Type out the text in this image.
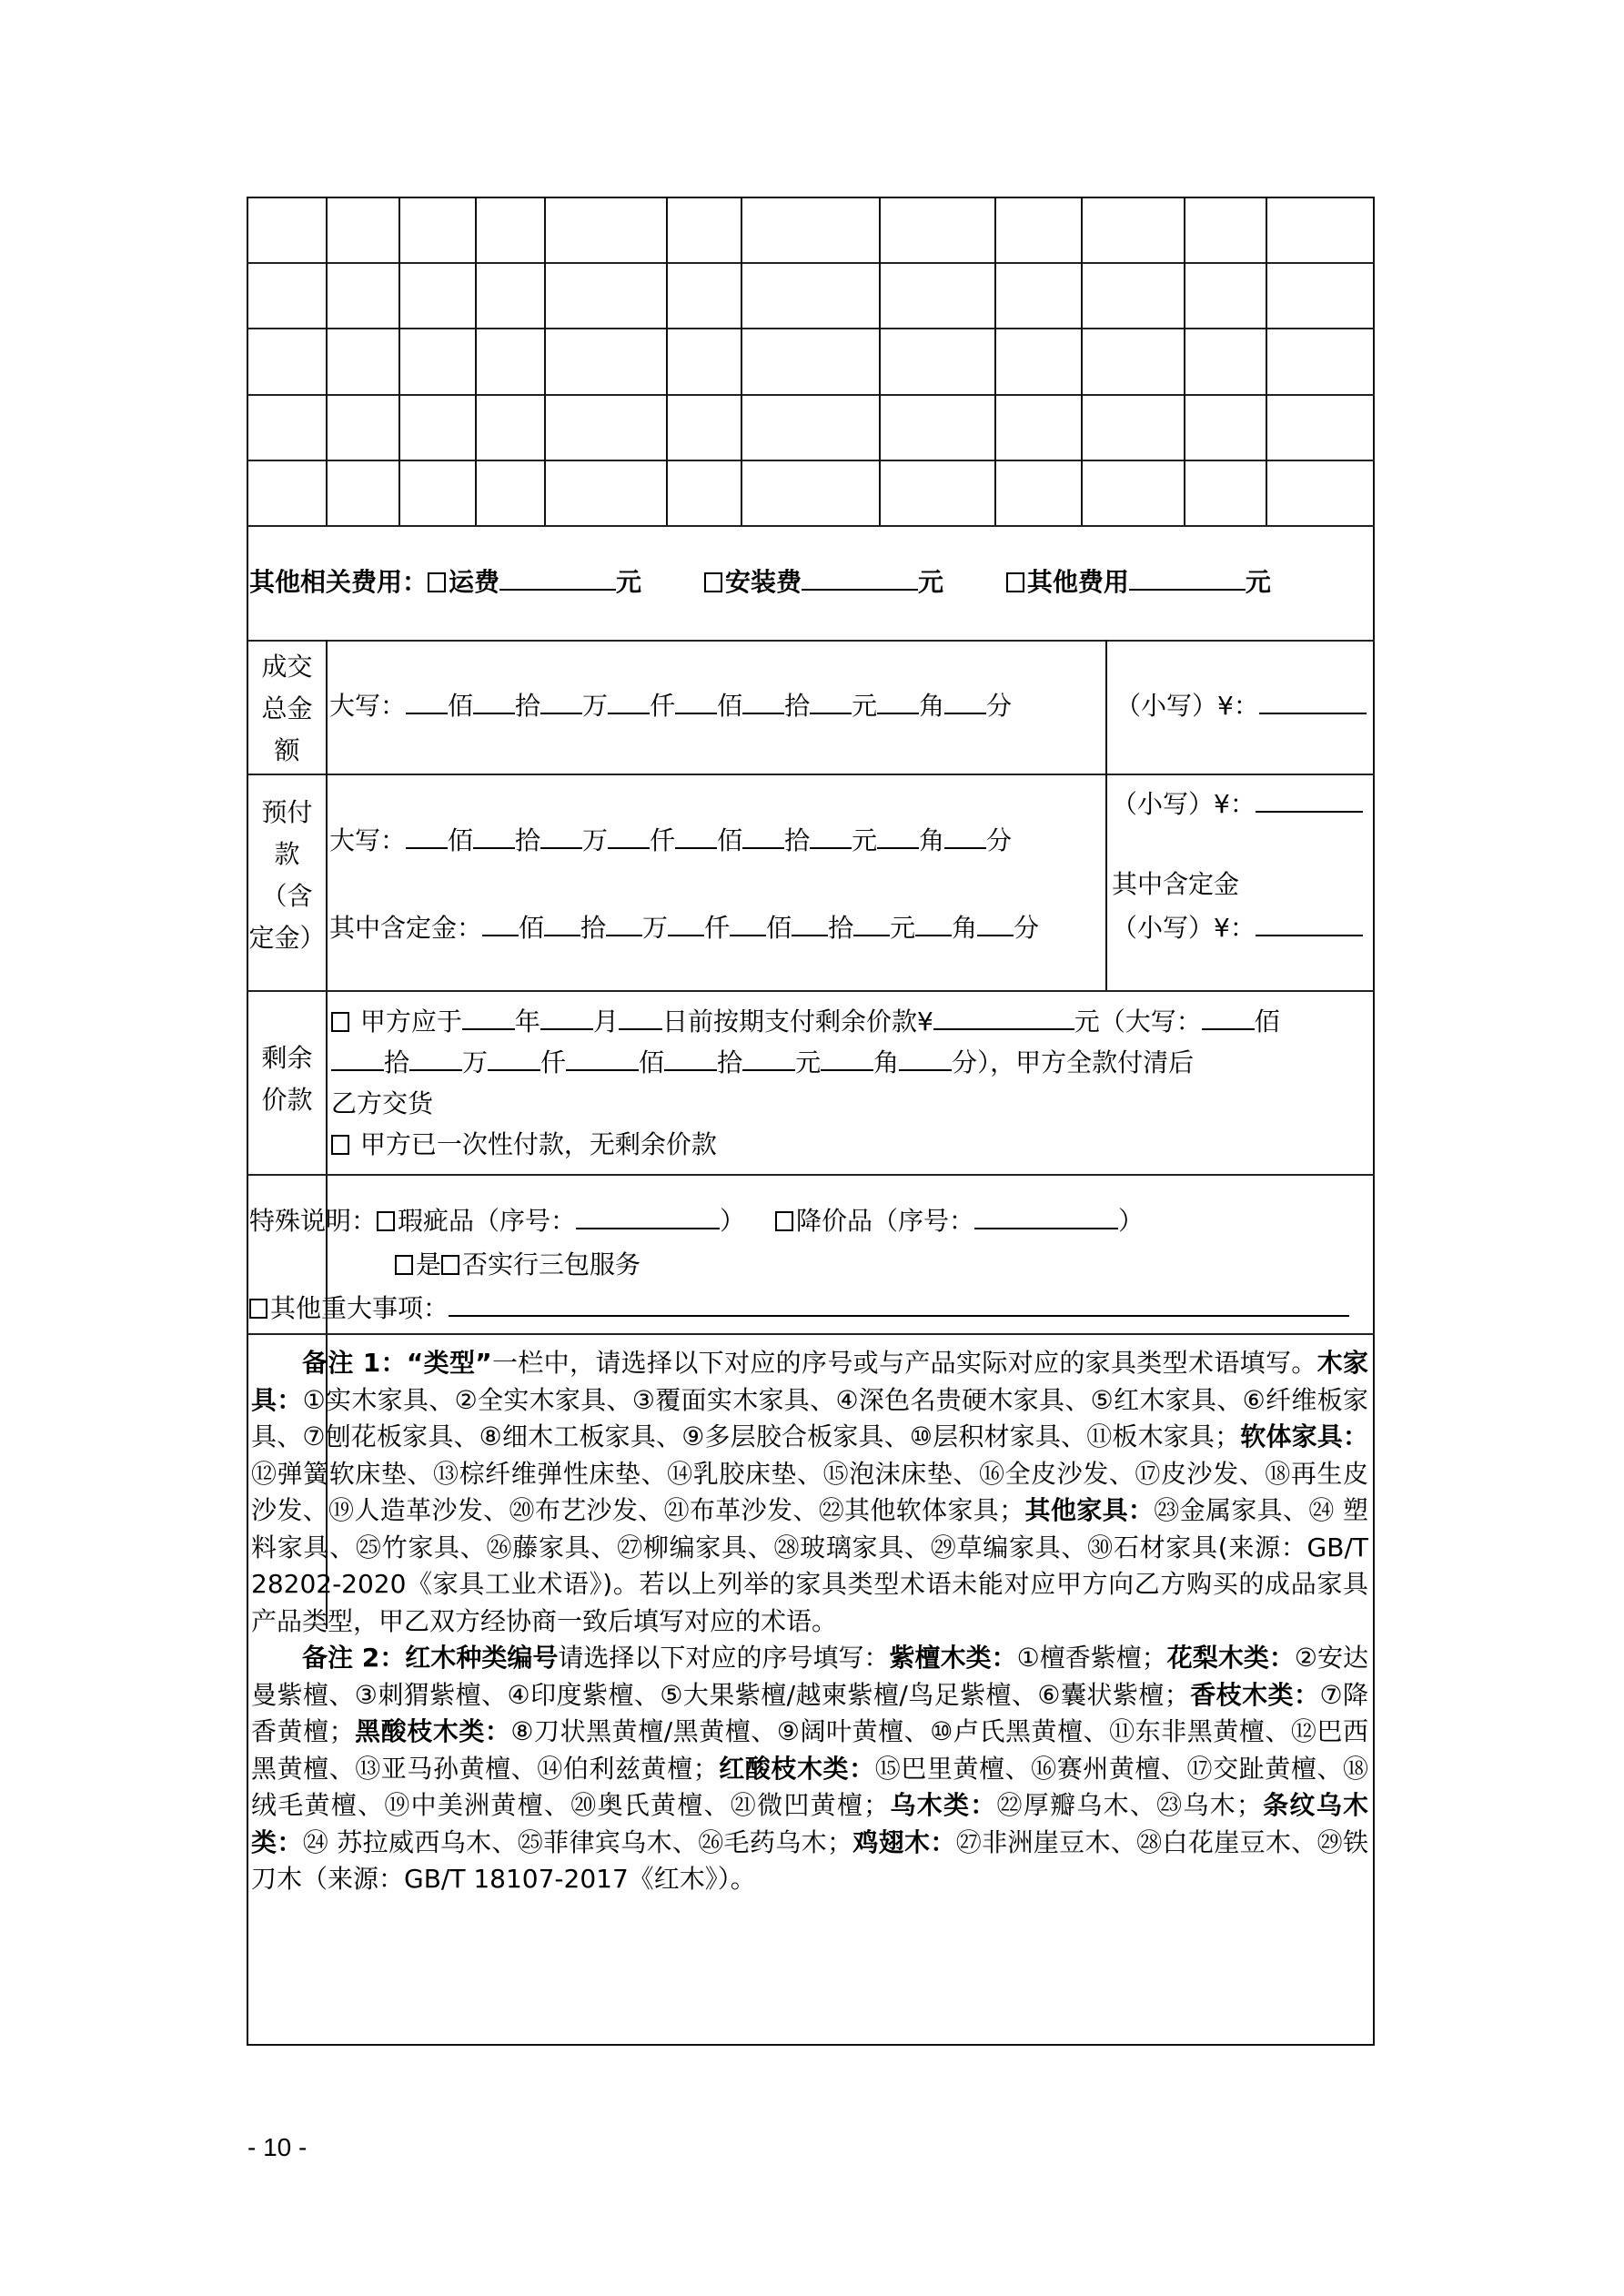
其他相关费用： 运费	元	安装费	元	其他费用	元
成交
总金
额
大写： 佰 拾 万 仟 佰 拾 元 角 分	（小写）¥：
预付
款
（含
定金）
大写： 佰 拾 万 仟 佰 拾 元 角 分
其中含定金： 佰 拾 万 仟 佰 拾 元 角 分
（小写）¥：
其中含定金
（小写）¥：
剩余
价款
甲方应于 年 月 日前按期支付剩余价款¥	元（大写： 佰
拾 万 仟	佰 拾 元 角 分），甲方全款付清后
乙方交货
甲方已一次性付款，无剩余价款
特殊说明： 瑕疵品（序号：	） 降价品（序号：	）
是 否实行三包服务
其他重大事项：

备注 1：“类型”一栏中，请选择以下对应的序号或与产品实际对应的家具类型术语填写。木家具：①实木家具、②全实木家具、③覆面实木家具、④深色名贵硬木家具、⑤红木家具、⑥纤维板家具、⑦刨花板家具、⑧细木工板家具、⑨多层胶合板家具、⑩层积材家具、⑪板木家具；软体家具：⑫弹簧软床垫、⑬棕纤维弹性床垫、⑭乳胶床垫、⑮泡沫床垫、⑯全皮沙发、⑰皮沙发、⑱再生皮沙发、⑲人造革沙发、⑳布艺沙发、㉑布革沙发、㉒其他软体家具；其他家具：㉓金属家具、㉔ 塑料家具、㉕竹家具、㉖藤家具、㉗柳编家具、㉘玻璃家具、㉙草编家具、㉚石材家具(来源：GB/T 28202-2020《家具工业术语》)。若以上列举的家具类型术语未能对应甲方向乙方购买的成品家具产品类型，甲乙双方经协商一致后填写对应的术语。

备注 2：红木种类编号请选择以下对应的序号填写：紫檀木类：①檀香紫檀；花梨木类：②安达曼紫檀、③刺猬紫檀、④印度紫檀、⑤大果紫檀/越柬紫檀/鸟足紫檀、⑥囊状紫檀；香枝木类：⑦降香黄檀；黑酸枝木类：⑧刀状黑黄檀/黑黄檀、⑨阔叶黄檀、⑩卢氏黑黄檀、⑪东非黑黄檀、⑫巴西黑黄檀、⑬亚马孙黄檀、⑭伯利兹黄檀；红酸枝木类：⑮巴里黄檀、⑯赛州黄檀、⑰交趾黄檀、⑱绒毛黄檀、⑲中美洲黄檀、⑳奥氏黄檀、㉑微凹黄檀；乌木类：㉒厚瓣乌木、㉓乌木；条纹乌木类：㉔ 苏拉威西乌木、㉕菲律宾乌木、㉖毛药乌木；鸡翅木：㉗非洲崖豆木、㉘白花崖豆木、㉙铁刀木（来源：GB/T 18107-2017《红木》）。

- 10 -
